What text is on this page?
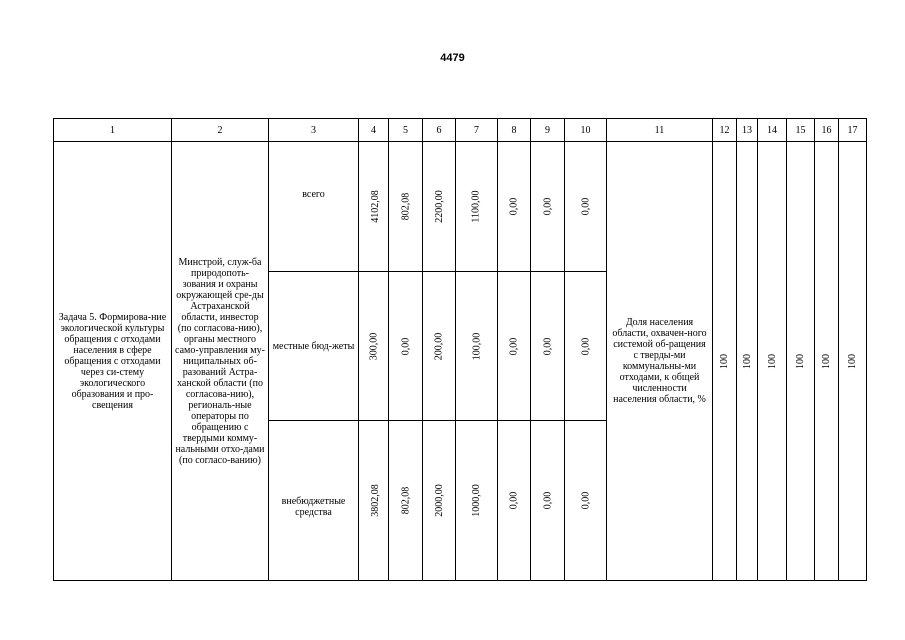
4479
1	2	3	4	5	6	7	8	9	10	11	12	13	14	15	16	17

Задача 5. Формирова-ние экологической культуры обращения с отходами населения в сфере обращения с отходами через си-стему экологического образования и про-свещения	Минстрой, служ-ба природопоть-зования и охраны окружающей сре-ды Астраханской области, инвестор (по согласова-нию), органы местного само-управления му-ниципальных об-разований Астра-ханской области (по согласова-нию), региональ-ные операторы по обращению с твердыми комму-нальными отхо-дами (по согласо-ванию)	всего	4102,08	802,08	2200,00	1100,00	0,00	0,00	0,00	Доля населения области, охвачен-ного системой об-ращения с тверды-ми коммунальны-ми отходами, к общей численности населения области, %	100	100	100	100	100	100

		местные бюд-жеты	300,00	0,00	200,00	100,00	0,00	0,00	0,00							

		внебюджетные средства	3802,08	802,08	2000,00	1000,00	0,00	0,00	0,00							
